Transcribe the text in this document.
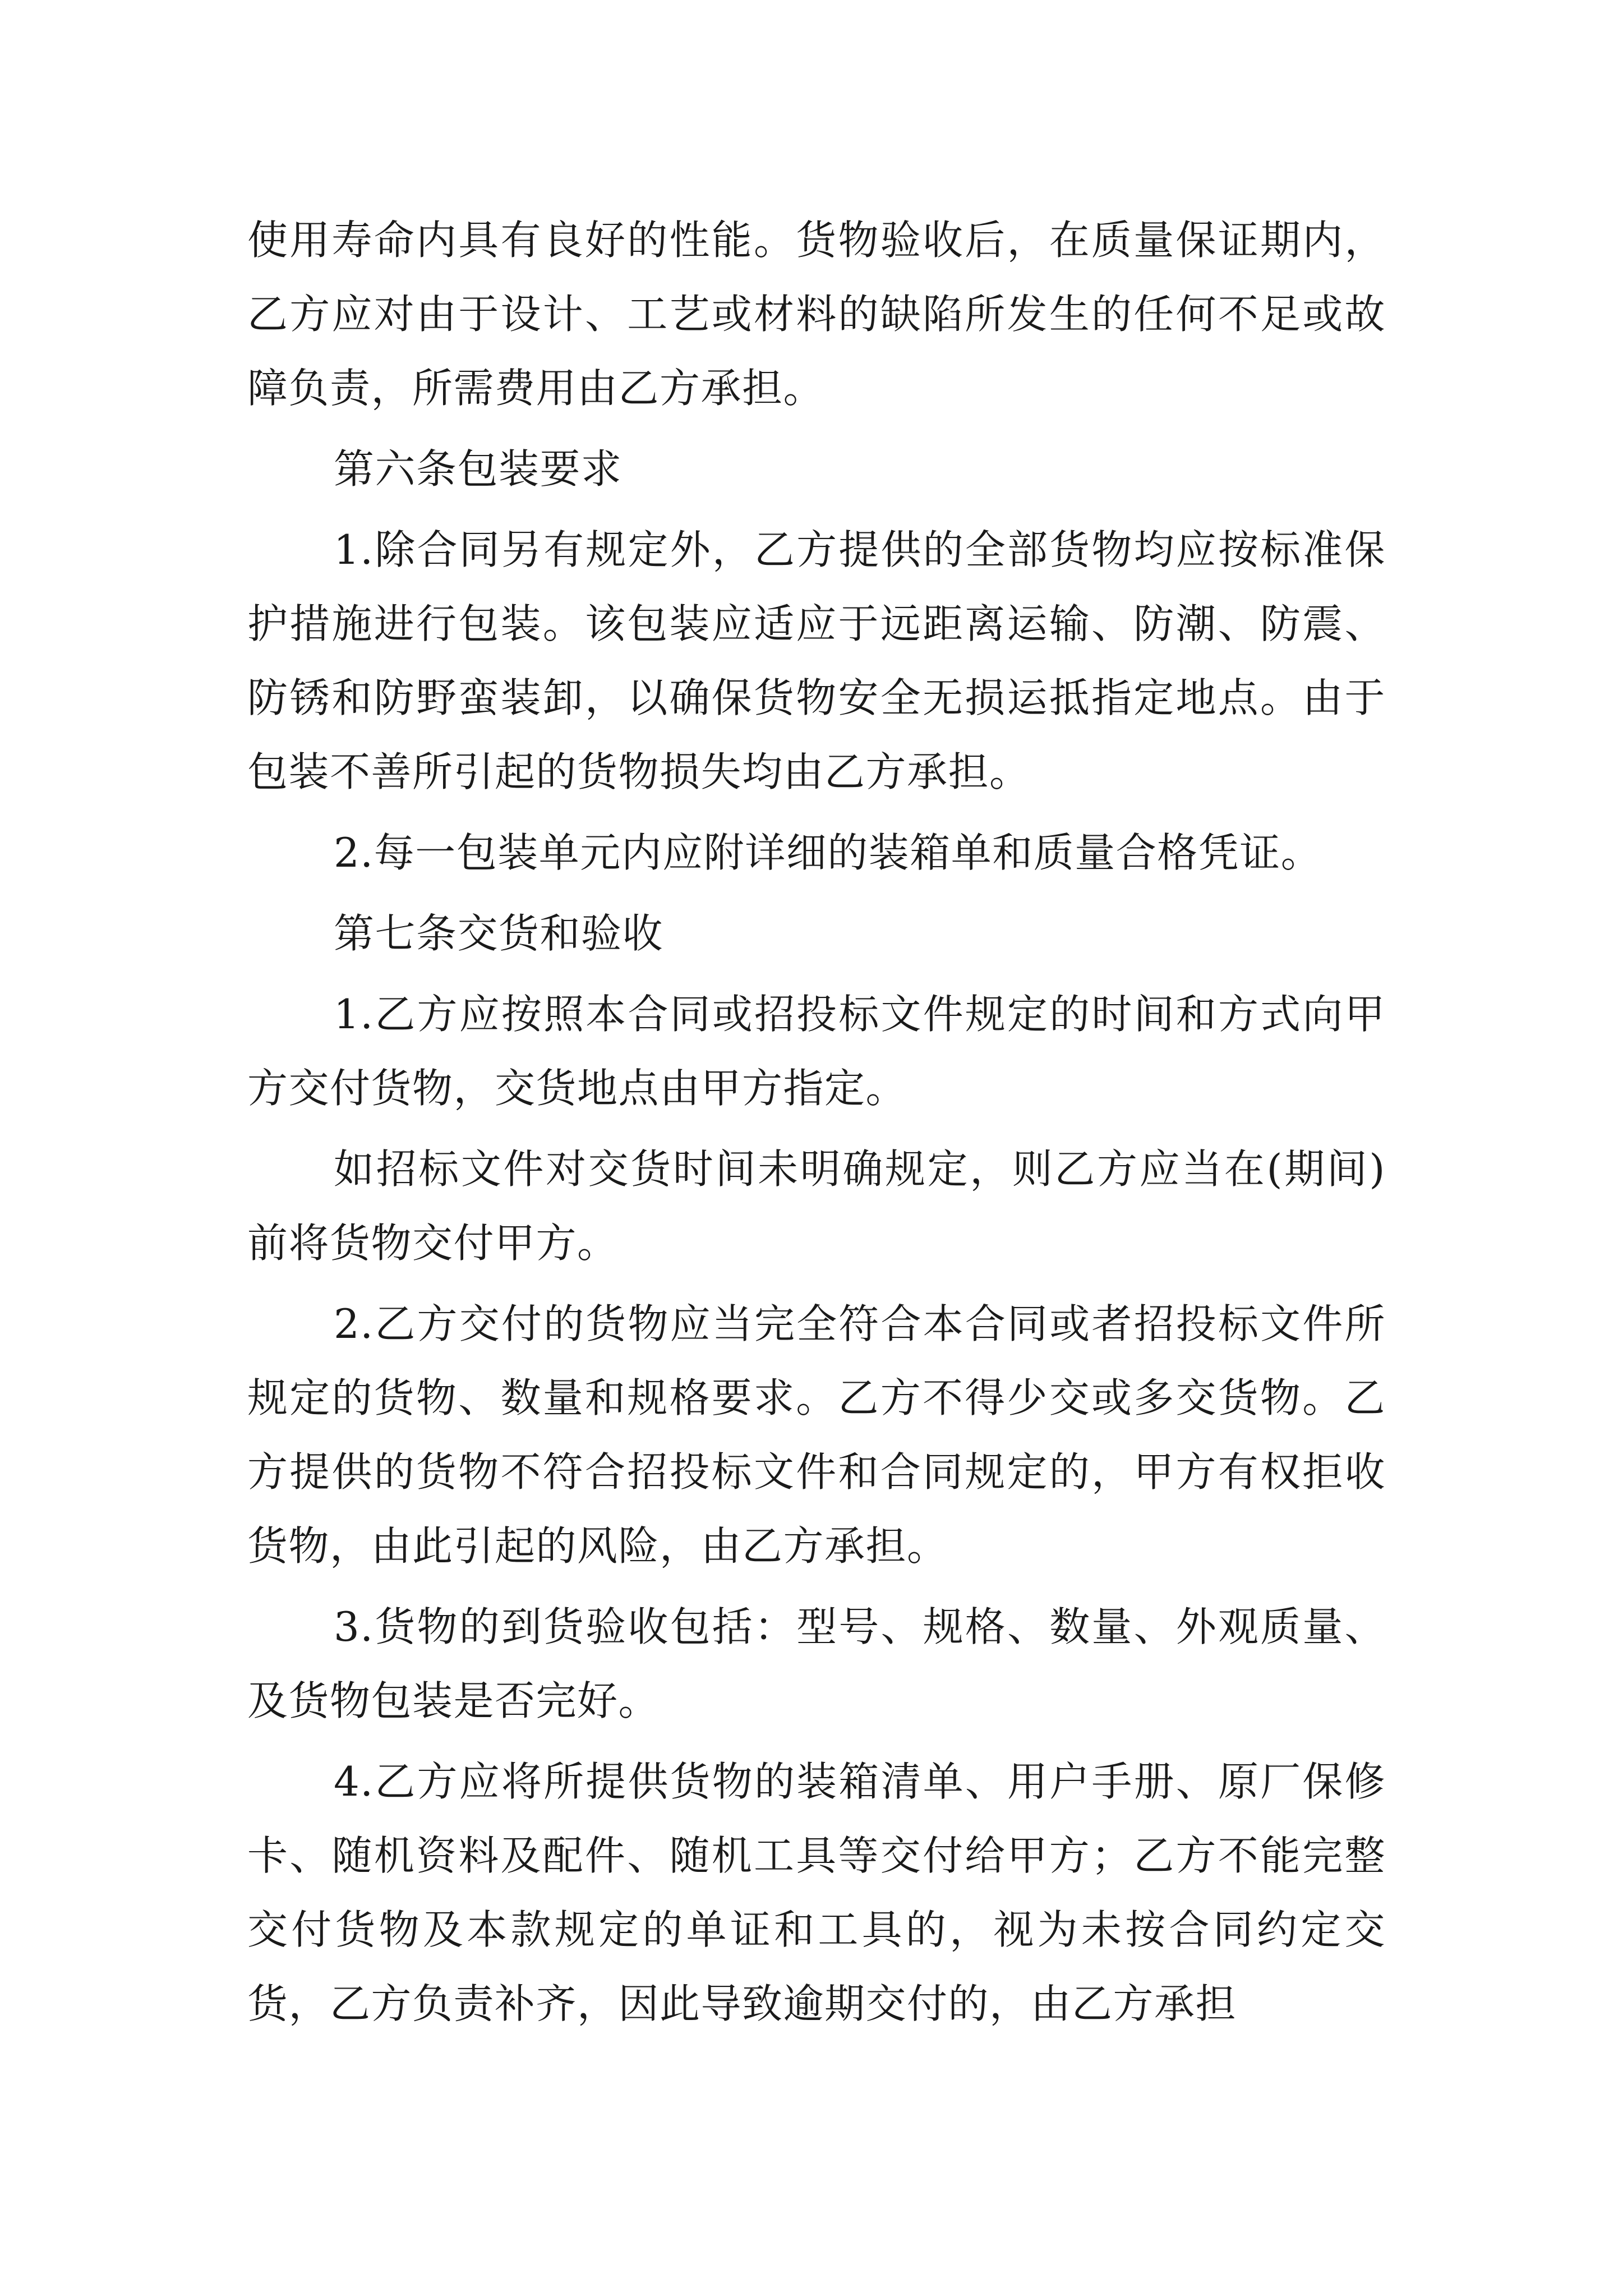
使用寿命内具有良好的性能。货物验收后，在质量保证期内，乙方应对由于设计、工艺或材料的缺陷所发生的任何不足或故障负责，所需费用由乙方承担。

第六条包装要求

1.除合同另有规定外，乙方提供的全部货物均应按标准保护措施进行包装。该包装应适应于远距离运输、防潮、防震、防锈和防野蛮装卸，以确保货物安全无损运抵指定地点。由于包装不善所引起的货物损失均由乙方承担。

2.每一包装单元内应附详细的装箱单和质量合格凭证。

第七条交货和验收

1.乙方应按照本合同或招投标文件规定的时间和方式向甲方交付货物，交货地点由甲方指定。

如招标文件对交货时间未明确规定，则乙方应当在(期间)前将货物交付甲方。

2.乙方交付的货物应当完全符合本合同或者招投标文件所规定的货物、数量和规格要求。乙方不得少交或多交货物。乙方提供的货物不符合招投标文件和合同规定的，甲方有权拒收货物，由此引起的风险，由乙方承担。

3.货物的到货验收包括：型号、规格、数量、外观质量、及货物包装是否完好。

4.乙方应将所提供货物的装箱清单、用户手册、原厂保修卡、随机资料及配件、随机工具等交付给甲方；乙方不能完整交付货物及本款规定的单证和工具的，视为未按合同约定交货，乙方负责补齐，因此导致逾期交付的，由乙方承担
